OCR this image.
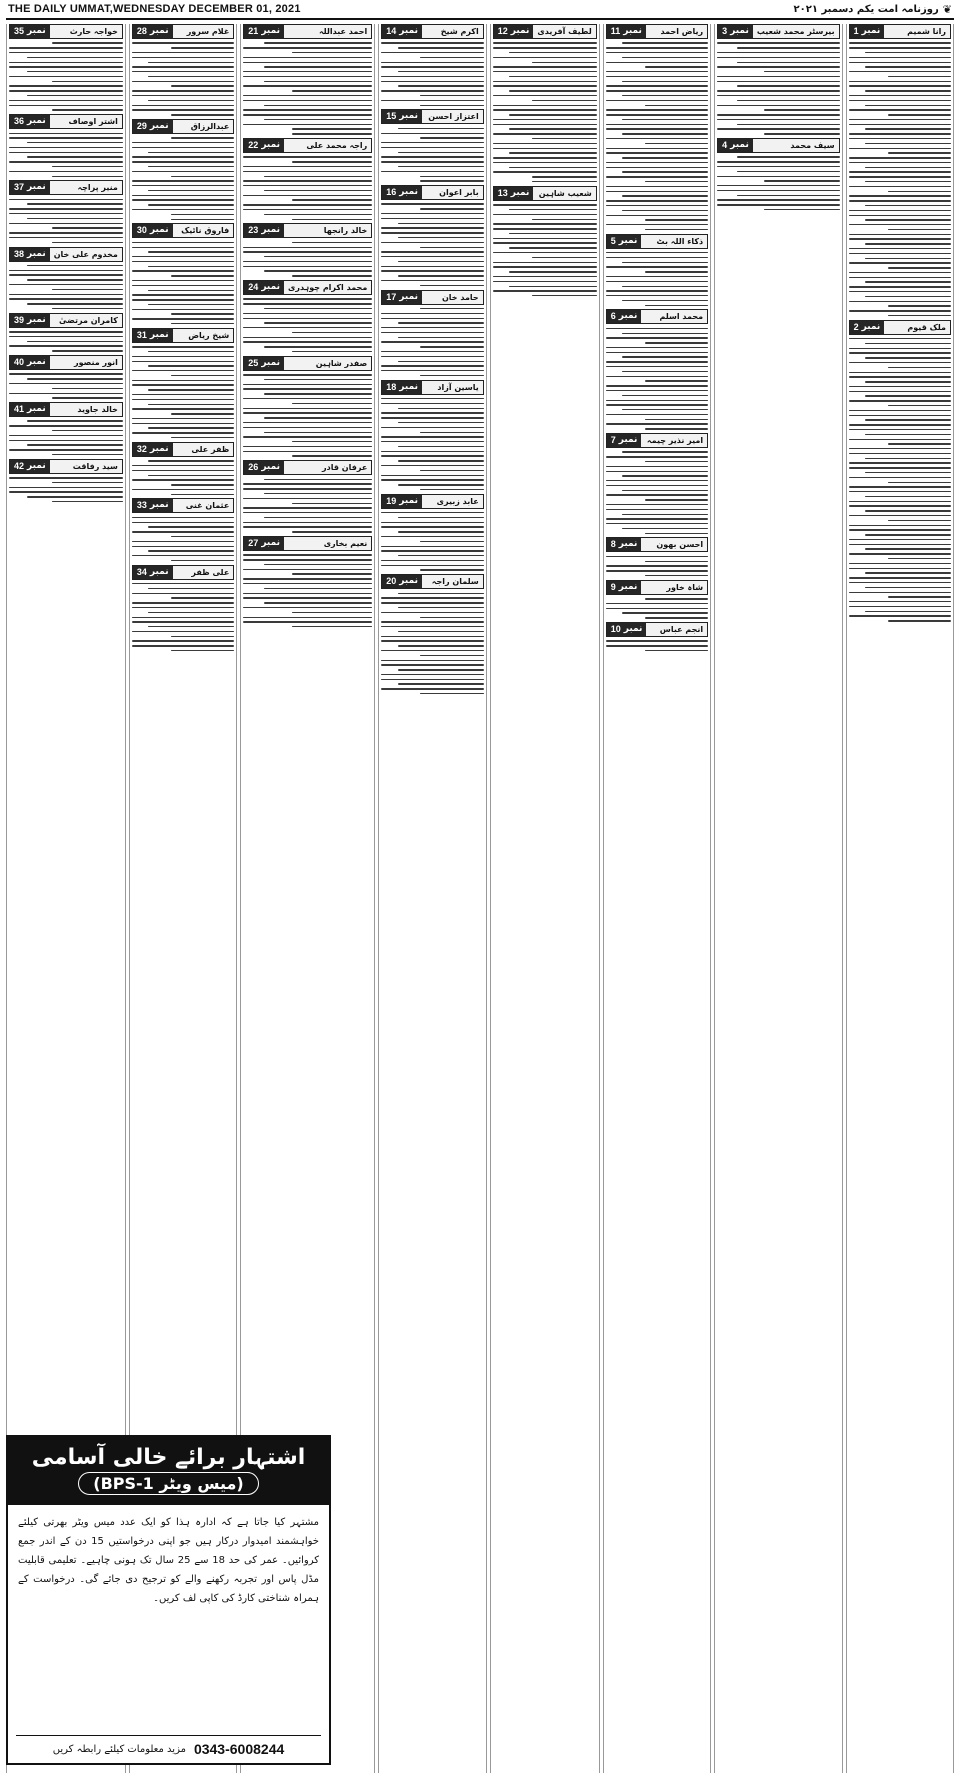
THE DAILY UMMAT,WEDNESDAY DECEMBER 01, 2021	❦
روزنامہ امت یکم دسمبر ۲۰۲۱
نمبر
1	رانا شمیم
نمبر
2	ملک قیوم
نمبر
3	بیرسٹر محمد شعیب
نمبر
4	سیف محمد
نمبر
11	ریاض احمد
نمبر
5	ذکاء اللہ بٹ
نمبر
6	محمد اسلم
نمبر
7	امیر نذیر چیمہ
نمبر
8	احسن بھون
نمبر
9	شاہ خاور
نمبر
10	انجم عباس
نمبر
12	لطیف آفریدی
نمبر
13	شعیب شاہین
نمبر
14	اکرم شیخ
نمبر
15	اعتزاز احسن
نمبر
16	بابر اعوان
نمبر
17	حامد خان
نمبر
18	یاسین آزاد
نمبر
19	عابد زبیری
نمبر
20	سلمان راجہ
نمبر
21	احمد عبداللہ
نمبر
22	راجہ محمد علی
نمبر
23	خالد رانجھا
نمبر
24	محمد اکرام چوہدری
نمبر
25	صفدر شاہین
نمبر
26	عرفان قادر
نمبر
27	نعیم بخاری
نمبر
28	غلام سرور
نمبر
29	عبدالرزاق
نمبر
30	فاروق نائیک
نمبر
31	شیخ ریاض
نمبر
32	ظفر علی
نمبر
33	عثمان غنی
نمبر
34	علی ظفر
نمبر
35	خواجہ حارث
نمبر
36	اشتر اوصاف
نمبر
37	منیر پراچہ
نمبر
38	مخدوم علی خان
نمبر
39	کامران مرتضیٰ
نمبر
40	انور منصور
نمبر
41	خالد جاوید
نمبر
42	سید رفاقت
اشتہار برائے خالی آسامی
(میس ویٹر BPS-1)
مشتہر کیا جاتا ہے کہ ادارہ ہذا کو ایک عدد میس ویٹر بھرتی کیلئے خواہشمند امیدوار درکار ہیں جو اپنی درخواستیں 15 دن کے اندر جمع کروائیں۔ عمر کی حد 18 سے 25 سال تک ہونی چاہیے۔ تعلیمی قابلیت مڈل پاس اور تجربہ رکھنے والے کو ترجیح دی جائے گی۔ درخواست کے ہمراہ شناختی کارڈ کی کاپی لف کریں۔
مزید معلومات کیلئے رابطہ کریں 0343-6008244
